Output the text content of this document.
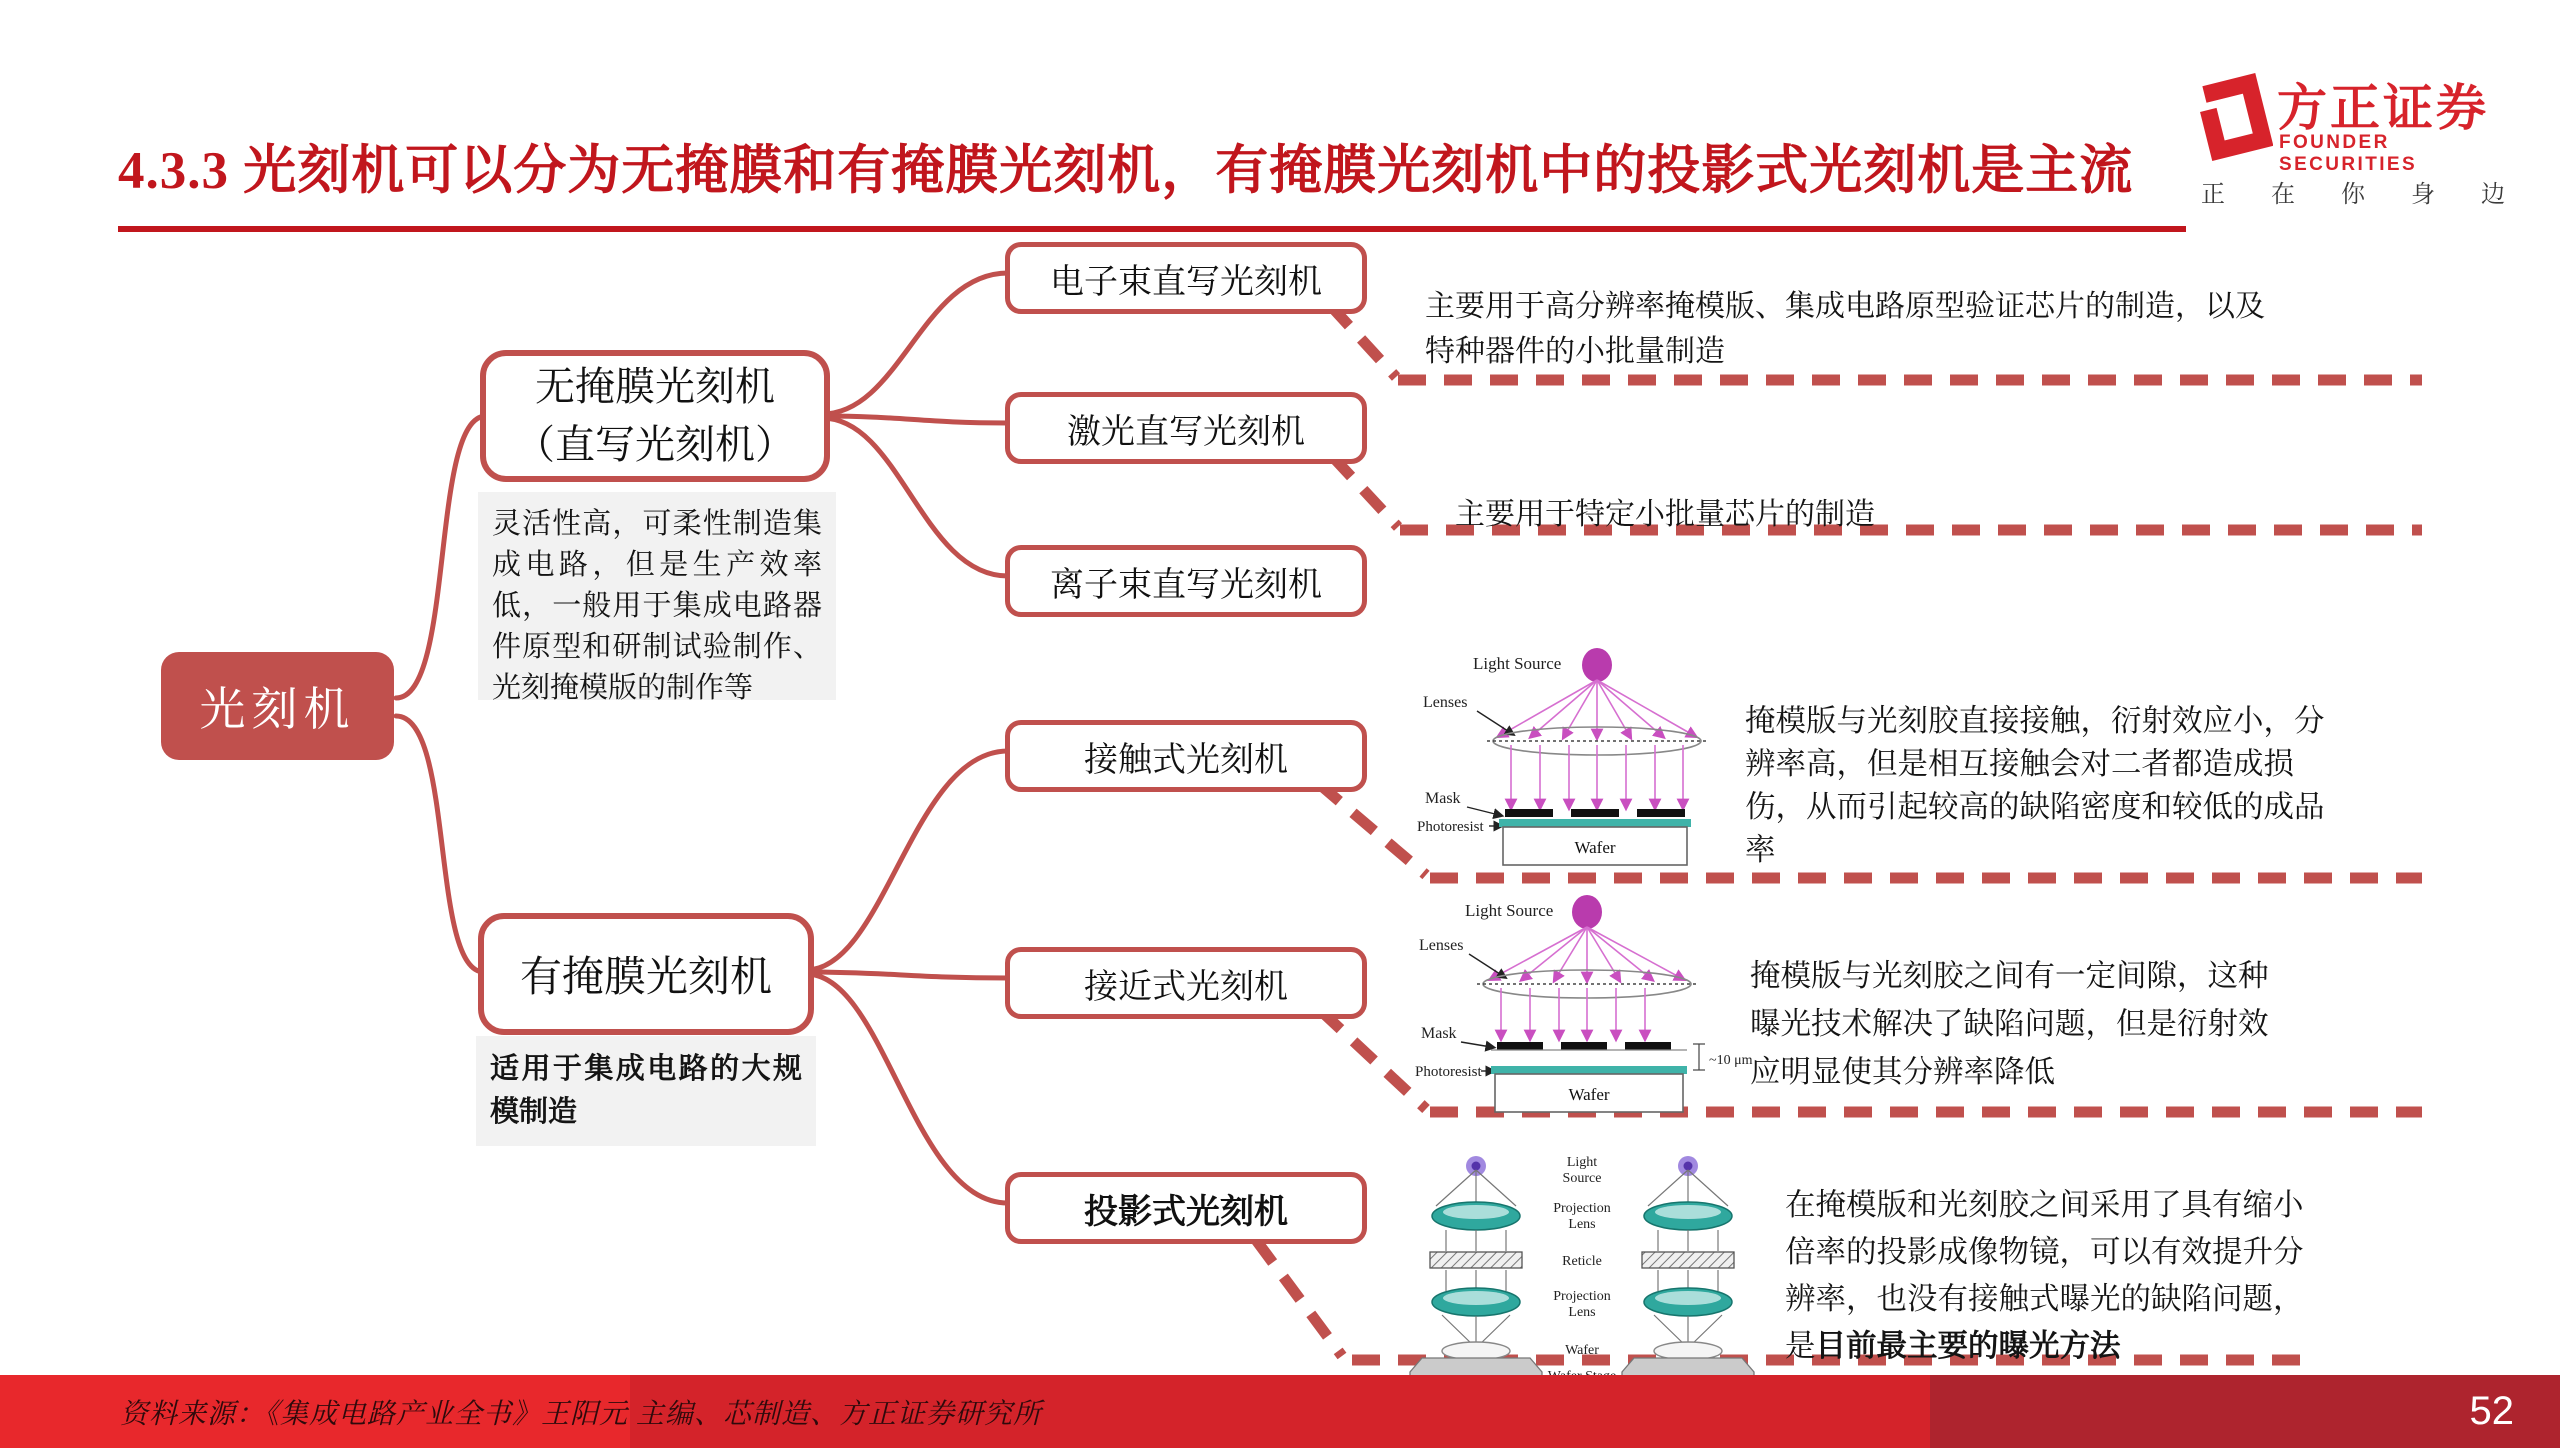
4.3.3 光刻机可以分为无掩膜和有掩膜光刻机，有掩膜光刻机中的投影式光刻机是主流
方正证券
FOUNDER SECURITIES
正 在 你 身 边
光刻机
无掩膜光刻机
（直写光刻机）
灵活性高，可柔性制造集成电路，但是生产效率低，一般用于集成电路器件原型和研制试验制作、光刻掩模版的制作等
有掩膜光刻机
适用于集成电路的大规模制造
电子束直写光刻机
激光直写光刻机
离子束直写光刻机
接触式光刻机
接近式光刻机
投影式光刻机
主要用于高分辨率掩模版、集成电路原型验证芯片的制造，以及特种器件的小批量制造
主要用于特定小批量芯片的制造
掩模版与光刻胶直接接触，衍射效应小，分辨率高，但是相互接触会对二者都造成损伤，从而引起较高的缺陷密度和较低的成品率
掩模版与光刻胶之间有一定间隙，这种曝光技术解决了缺陷问题，但是衍射效应明显使其分辨率降低
在掩模版和光刻胶之间采用了具有缩小倍率的投影成像物镜，可以有效提升分辨率，也没有接触式曝光的缺陷问题，是目前最主要的曝光方法
Light Source
Lenses
Mask
Photoresist
Wafer
Light Source
Lenses
Mask
Photoresist
Wafer
~10 μm
Light
Source
Projection
Lens
Reticle
Projection
Lens
Wafer
资料来源：《集成电路产业全书》王阳元 主编、芯制造、方正证券研究所	52
